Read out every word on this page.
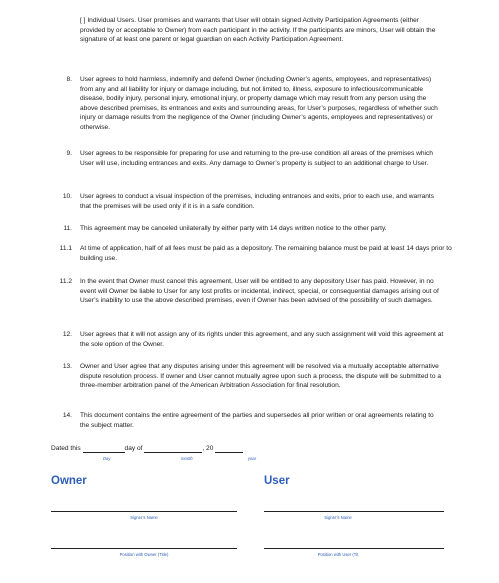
[ ] Individual Users. User promises and warrants that User will obtain signed Activity Participation Agreements (either provided by or acceptable to Owner) from each participant in the activity. If the participants are minors, User will obtain the signature of at least one parent or legal guardian on each Activity Participation Agreement.
8. User agrees to hold harmless, indemnify and defend Owner (including Owner’s agents, employees, and representatives) from any and all liability for injury or damage including, but not limited to, illness, exposure to infectious/communicable disease, bodily injury, personal injury, emotional injury, or property damage which may result from any person using the above described premises, its entrances and exits and surrounding areas, for User’s purposes, regardless of whether such injury or damage results from the negligence of the Owner (including Owner’s agents, employees and representatives) or otherwise.
9. User agrees to be responsible for preparing for use and returning to the pre-use condition all areas of the premises which User will use, including entrances and exits. Any damage to Owner’s property is subject to an additional charge to User.
10. User agrees to conduct a visual inspection of the premises, including entrances and exits, prior to each use, and warrants that the premises will be used only if it is in a safe condition.
11. This agreement may be canceled unilaterally by either party with 14 days written notice to the other party.
11.1 At time of application, half of all fees must be paid as a depository. The remaining balance must be paid at least 14 days prior to building use.
11.2 In the event that Owner must cancel this agreement, User will be entitled to any depository User has paid. However, in no event will Owner be liable to User for any lost profits or incidental, indirect, special, or consequential damages arising out of User’s inability to use the above described premises, even if Owner has been advised of the possibility of such damages.
12. User agrees that it will not assign any of its rights under this agreement, and any such assignment will void this agreement at the sole option of the Owner.
13. Owner and User agree that any disputes arising under this agreement will be resolved via a mutually acceptable alternative dispute resolution process. If owner and User cannot mutually agree upon such a process, the dispute will be submitted to a three-member arbitration panel of the American Arbitration Association for final resolution.
14. This document contains the entire agreement of the parties and supersedes all prior written or oral agreements relating to the subject matter.
Dated this	day of	, 20
Day	month	year
Owner
Signer’s Name
Position with Owner (Title)
User
Signer’s Name
Position with User (Tit
